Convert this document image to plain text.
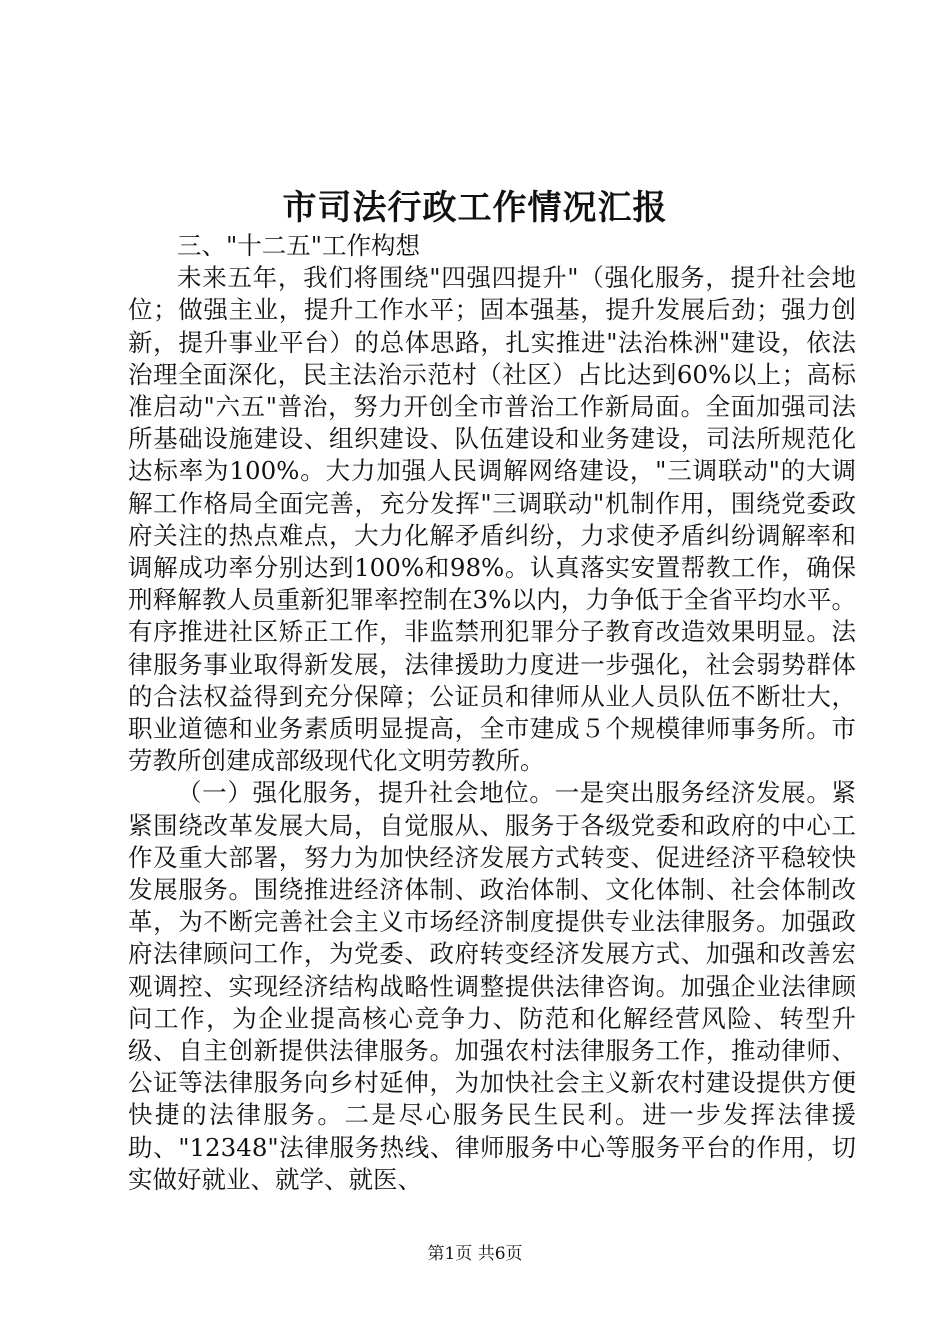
市司法行政工作情况汇报

三、"十二五"工作构想

未来五年，我们将围绕"四强四提升"（强化服务，提升社会地位；做强主业，提升工作水平；固本强基，提升发展后劲；强力创新，提升事业平台）的总体思路，扎实推进"法治株洲"建设，依法治理全面深化，民主法治示范村（社区）占比达到60%以上；高标准启动"六五"普治，努力开创全市普治工作新局面。全面加强司法所基础设施建设、组织建设、队伍建设和业务建设，司法所规范化达标率为100%。大力加强人民调解网络建设，"三调联动"的大调解工作格局全面完善，充分发挥"三调联动"机制作用，围绕党委政府关注的热点难点，大力化解矛盾纠纷，力求使矛盾纠纷调解率和调解成功率分别达到100%和98%。认真落实安置帮教工作，确保刑释解教人员重新犯罪率控制在3%以内，力争低于全省平均水平。有序推进社区矫正工作，非监禁刑犯罪分子教育改造效果明显。法律服务事业取得新发展，法律援助力度进一步强化，社会弱势群体的合法权益得到充分保障；公证员和律师从业人员队伍不断壮大，职业道德和业务素质明显提高，全市建成５个规模律师事务所。市劳教所创建成部级现代化文明劳教所。

（一）强化服务，提升社会地位。一是突出服务经济发展。紧紧围绕改革发展大局，自觉服从、服务于各级党委和政府的中心工作及重大部署，努力为加快经济发展方式转变、促进经济平稳较快发展服务。围绕推进经济体制、政治体制、文化体制、社会体制改革，为不断完善社会主义市场经济制度提供专业法律服务。加强政府法律顾问工作，为党委、政府转变经济发展方式、加强和改善宏观调控、实现经济结构战略性调整提供法律咨询。加强企业法律顾问工作，为企业提高核心竞争力、防范和化解经营风险、转型升级、自主创新提供法律服务。加强农村法律服务工作，推动律师、公证等法律服务向乡村延伸，为加快社会主义新农村建设提供方便快捷的法律服务。二是尽心服务民生民利。进一步发挥法律援助、"12348"法律服务热线、律师服务中心等服务平台的作用，切实做好就业、就学、就医、

第1页 共6页
